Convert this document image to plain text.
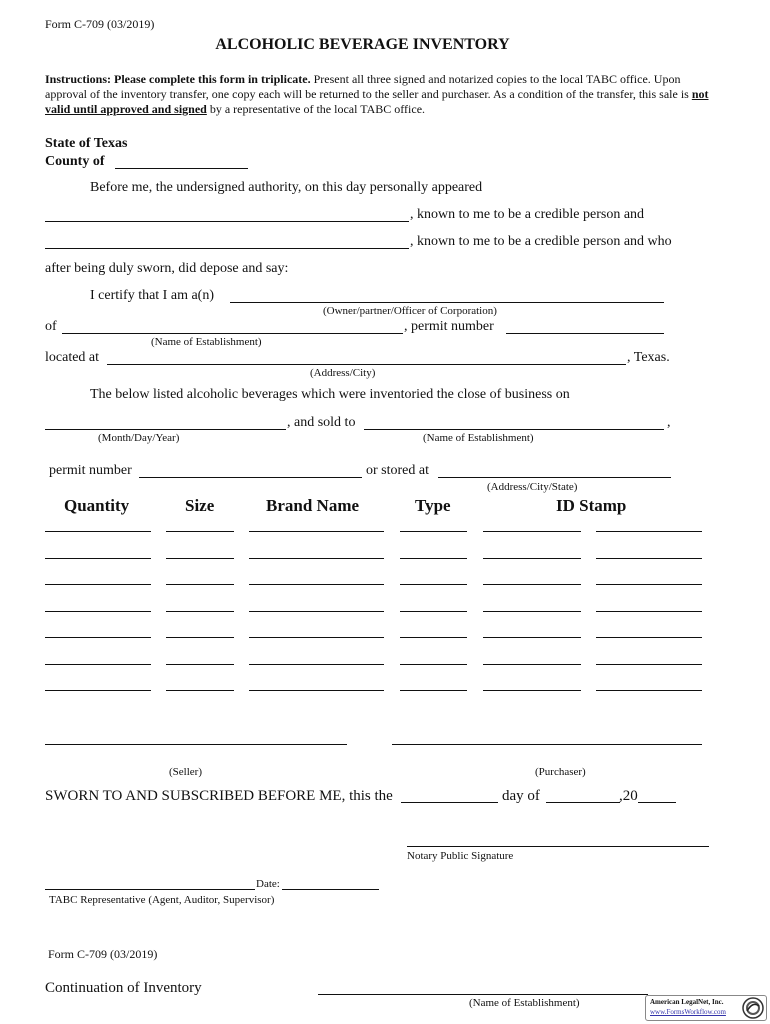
Form C-709 (03/2019)
ALCOHOLIC BEVERAGE INVENTORY
Instructions: Please complete this form in triplicate. Present all three signed and notarized copies to the local TABC office. Upon approval of the inventory transfer, one copy each will be returned to the seller and purchaser. As a condition of the transfer, this sale is not valid until approved and signed by a representative of the local TABC office.
State of Texas
County of
Before me, the undersigned authority, on this day personally appeared
, known to me to be a credible person and
, known to me to be a credible person and who
after being duly sworn, did depose and say:
I certify that I am a(n)
(Owner/partner/Officer of Corporation)
of	, permit number
(Name of Establishment)
located at	, Texas.
(Address/City)
The below listed alcoholic beverages which were inventoried the close of business on
, and sold to	,
(Month/Day/Year)	(Name of Establishment)
permit number	or stored at
(Address/City/State)
Quantity	Size	Brand Name	Type	ID Stamp
(Seller)	(Purchaser)
SWORN TO AND SUBSCRIBED BEFORE ME, this the	day of	,20
Notary Public Signature
Date:
TABC Representative (Agent, Auditor, Supervisor)
Form C-709 (03/2019)
Continuation of Inventory
(Name of Establishment)	American LegalNet, Inc.
www.FormsWorkflow.com
